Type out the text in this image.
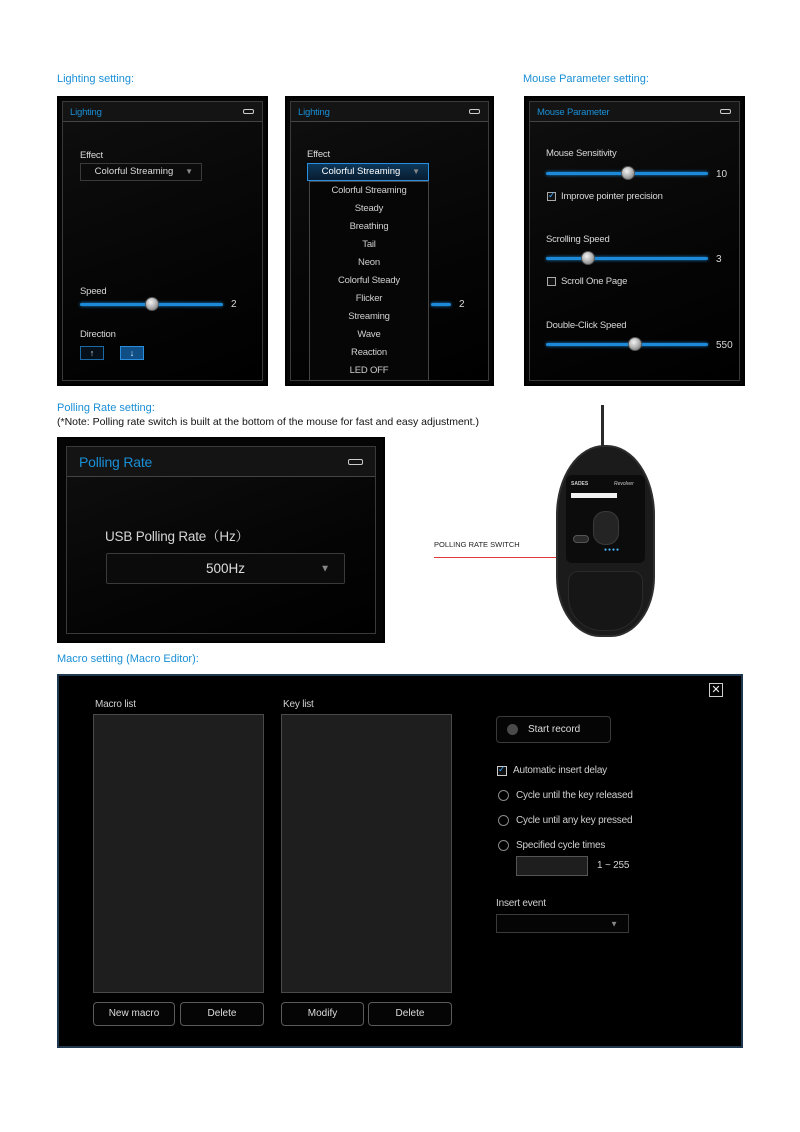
Lighting setting:	Mouse Parameter setting:
Lighting
Effect
Colorful Streaming ▼
Speed
2
Direction
↑	↓
Lighting
Effect
Colorful Streaming ▼
2
Colorful Streaming
Steady
Breathing
Tail
Neon
Colorful Steady
Flicker
Streaming
Wave
Reaction
LED OFF
Mouse Parameter
Mouse Sensitivity
10
✓
Improve pointer precision
Scrolling Speed
3
Scroll One Page
Double-Click Speed
550
Polling Rate setting:
(*Note: Polling rate switch is built at the bottom of the mouse for fast and easy adjustment.)
Polling Rate
USB Polling Rate（Hz）
500Hz	▼
POLLING RATE SWITCH
SADES	Revolver
●●●●
Macro setting (Macro Editor):
✕
Macro list
New macro	Delete
Key list
Modify	Delete
Start record
✓
Automatic insert delay
Cycle until the key released
Cycle until any key pressed
Specified cycle times
1 ~ 255
Insert event
▼
